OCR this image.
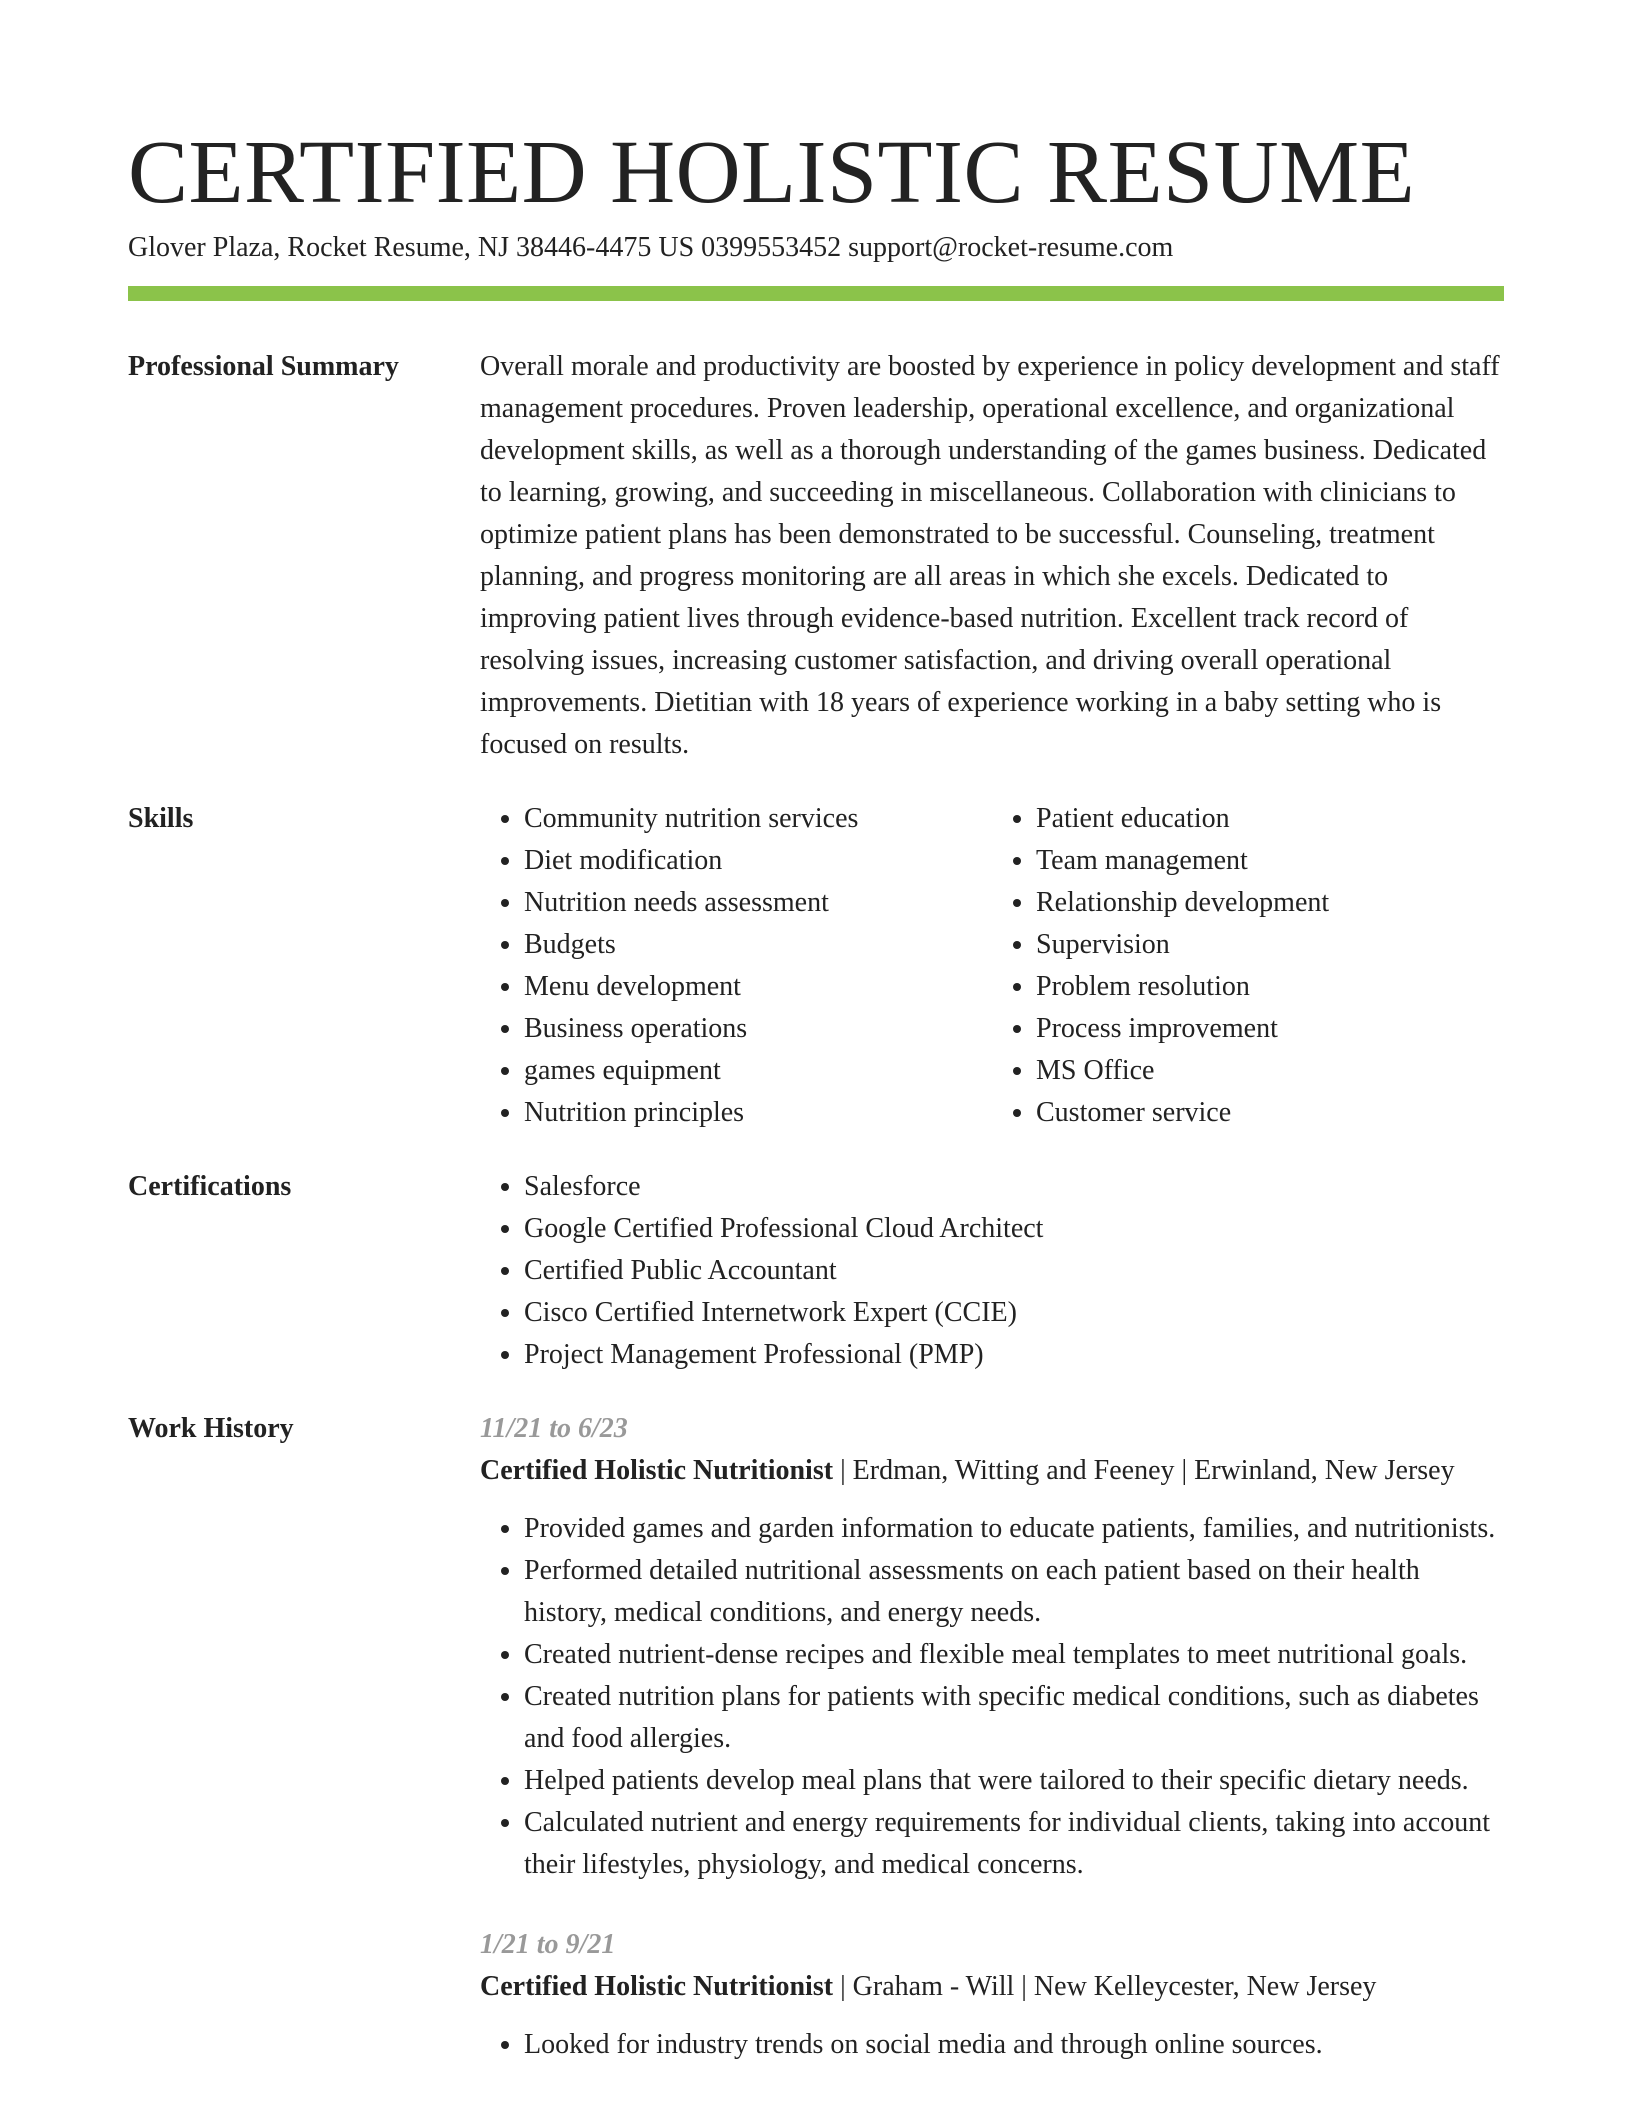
CERTIFIED HOLISTIC RESUME
Glover Plaza, Rocket Resume, NJ 38446-4475 US 0399553452 support@rocket-resume.com
Professional Summary	Overall morale and productivity are boosted by experience in policy development and staff management procedures. Proven leadership, operational excellence, and organizational development skills, as well as a thorough understanding of the games business. Dedicated to learning, growing, and succeeding in miscellaneous. Collaboration with clinicians to optimize patient plans has been demonstrated to be successful. Counseling, treatment planning, and progress monitoring are all areas in which she excels. Dedicated to improving patient lives through evidence-based nutrition. Excellent track record of resolving issues, increasing customer satisfaction, and driving overall operational improvements. Dietitian with 18 years of experience working in a baby setting who is focused on results.

Skills	• Community nutrition services
• Diet modification
• Nutrition needs assessment
• Budgets
• Menu development
• Business operations
• games equipment
• Nutrition principles
• Patient education
• Team management
• Relationship development
• Supervision
• Problem resolution
• Process improvement
• MS Office
• Customer service
Certifications	• Salesforce
• Google Certified Professional Cloud Architect
• Certified Public Accountant
• Cisco Certified Internetwork Expert (CCIE)
• Project Management Professional (PMP)
Work History	11/21 to 6/23
Certified Holistic Nutritionist | Erdman, Witting and Feeney | Erwinland, New Jersey
• Provided games and garden information to educate patients, families, and nutritionists.
• Performed detailed nutritional assessments on each patient based on their health history, medical conditions, and energy needs.
• Created nutrient-dense recipes and flexible meal templates to meet nutritional goals.
• Created nutrition plans for patients with specific medical conditions, such as diabetes and food allergies.
• Helped patients develop meal plans that were tailored to their specific dietary needs.
• Calculated nutrient and energy requirements for individual clients, taking into account their lifestyles, physiology, and medical concerns.
1/21 to 9/21
Certified Holistic Nutritionist | Graham - Will | New Kelleycester, New Jersey
• Looked for industry trends on social media and through online sources.
